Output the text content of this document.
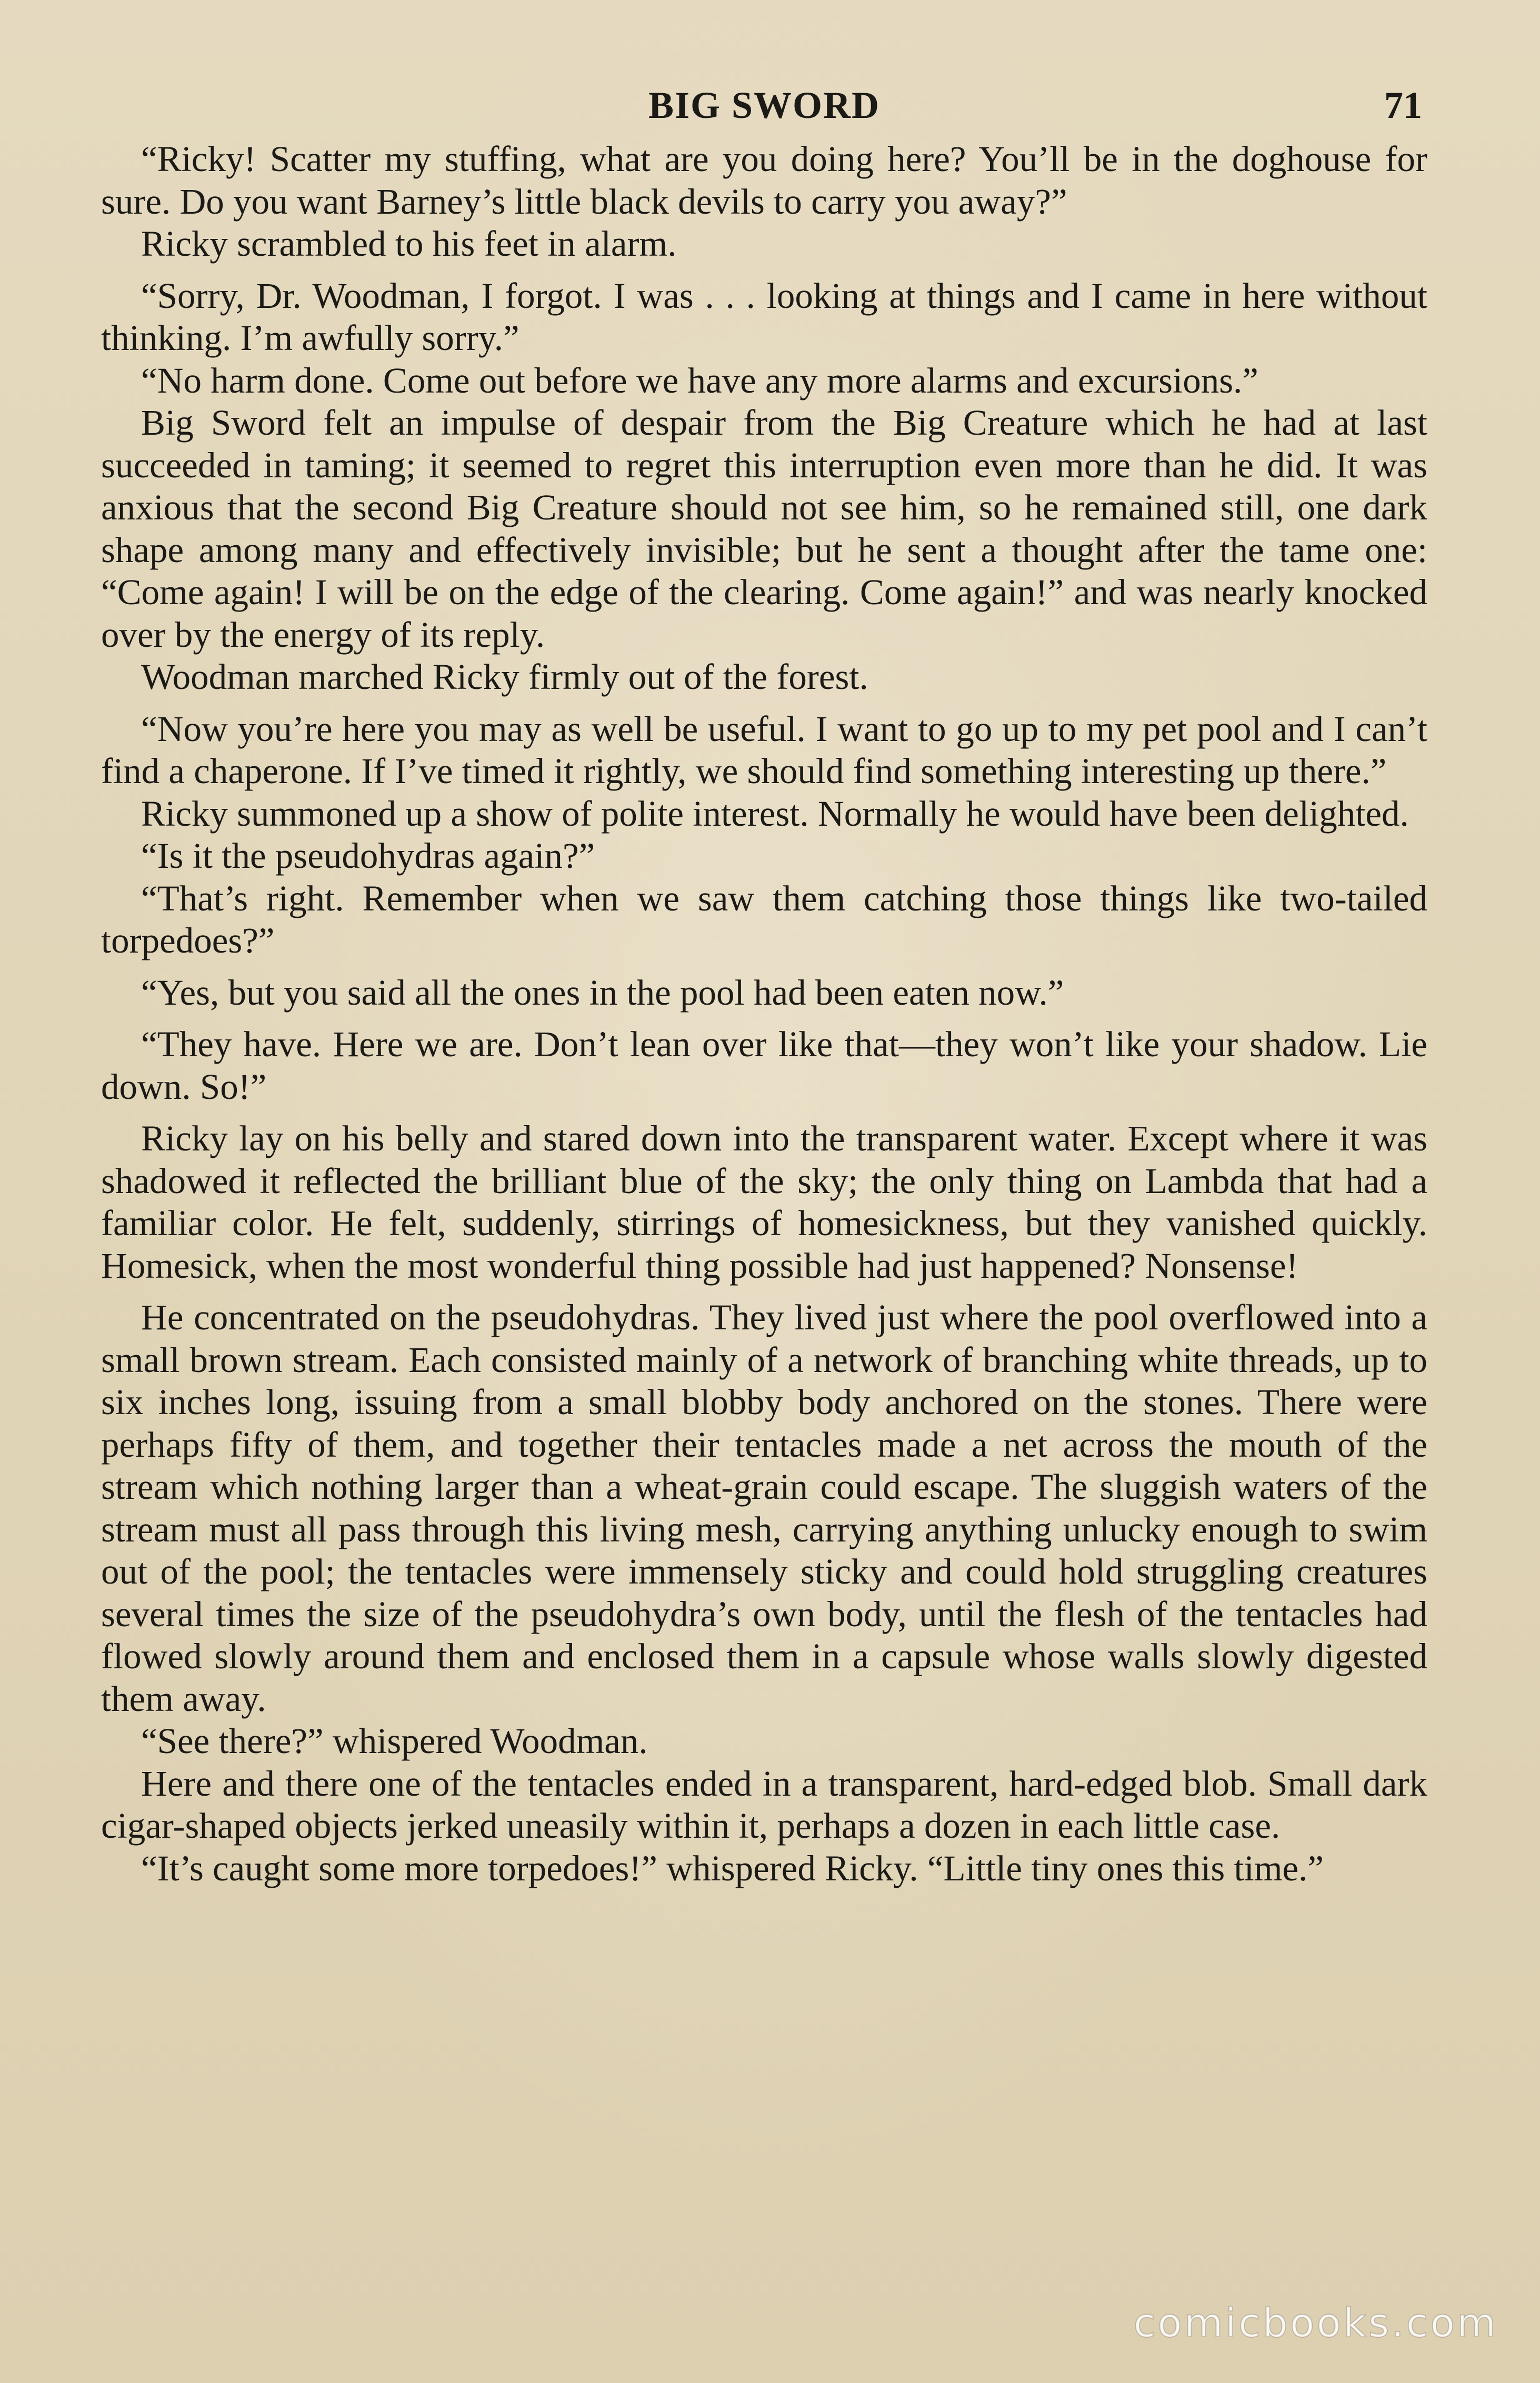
BIG SWORD	71

“Ricky! Scatter my stuffing, what are you doing here? You’ll be in the doghouse for sure. Do you want Barney’s little black devils to carry you away?”

Ricky scrambled to his feet in alarm.

“Sorry, Dr. Woodman, I forgot. I was . . . looking at things and I came in here without thinking. I’m awfully sorry.”

“No harm done. Come out before we have any more alarms and excursions.”

Big Sword felt an impulse of despair from the Big Creature which he had at last succeeded in taming; it seemed to regret this interruption even more than he did. It was anxious that the second Big Creature should not see him, so he remained still, one dark shape among many and effectively invisible; but he sent a thought after the tame one: “Come again! I will be on the edge of the clearing. Come again!” and was nearly knocked over by the energy of its reply.

Woodman marched Ricky firmly out of the forest.

“Now you’re here you may as well be useful. I want to go up to my pet pool and I can’t find a chaperone. If I’ve timed it rightly, we should find something interesting up there.”

Ricky summoned up a show of polite interest. Normally he would have been delighted.

“Is it the pseudohydras again?”

“That’s right. Remember when we saw them catching those things like two-tailed torpedoes?”

“Yes, but you said all the ones in the pool had been eaten now.”

“They have. Here we are. Don’t lean over like that—they won’t like your shadow. Lie down. So!”

Ricky lay on his belly and stared down into the transparent water. Except where it was shadowed it reflected the brilliant blue of the sky; the only thing on Lambda that had a familiar color. He felt, suddenly, stirrings of homesickness, but they vanished quickly. Homesick, when the most wonderful thing possible had just happened? Nonsense!

He concentrated on the pseudohydras. They lived just where the pool overflowed into a small brown stream. Each consisted mainly of a network of branching white threads, up to six inches long, issuing from a small blobby body anchored on the stones. There were perhaps fifty of them, and together their tentacles made a net across the mouth of the stream which nothing larger than a wheat-grain could escape. The sluggish waters of the stream must all pass through this living mesh, carrying anything unlucky enough to swim out of the pool; the tentacles were immensely sticky and could hold struggling creatures several times the size of the pseudohydra’s own body, until the flesh of the tentacles had flowed slowly around them and enclosed them in a capsule whose walls slowly digested them away.

“See there?” whispered Woodman.

Here and there one of the tentacles ended in a transparent, hard-edged blob. Small dark cigar-shaped objects jerked uneasily within it, perhaps a dozen in each little case.

“It’s caught some more torpedoes!” whispered Ricky. “Little tiny ones this time.”

comicbooks.com
